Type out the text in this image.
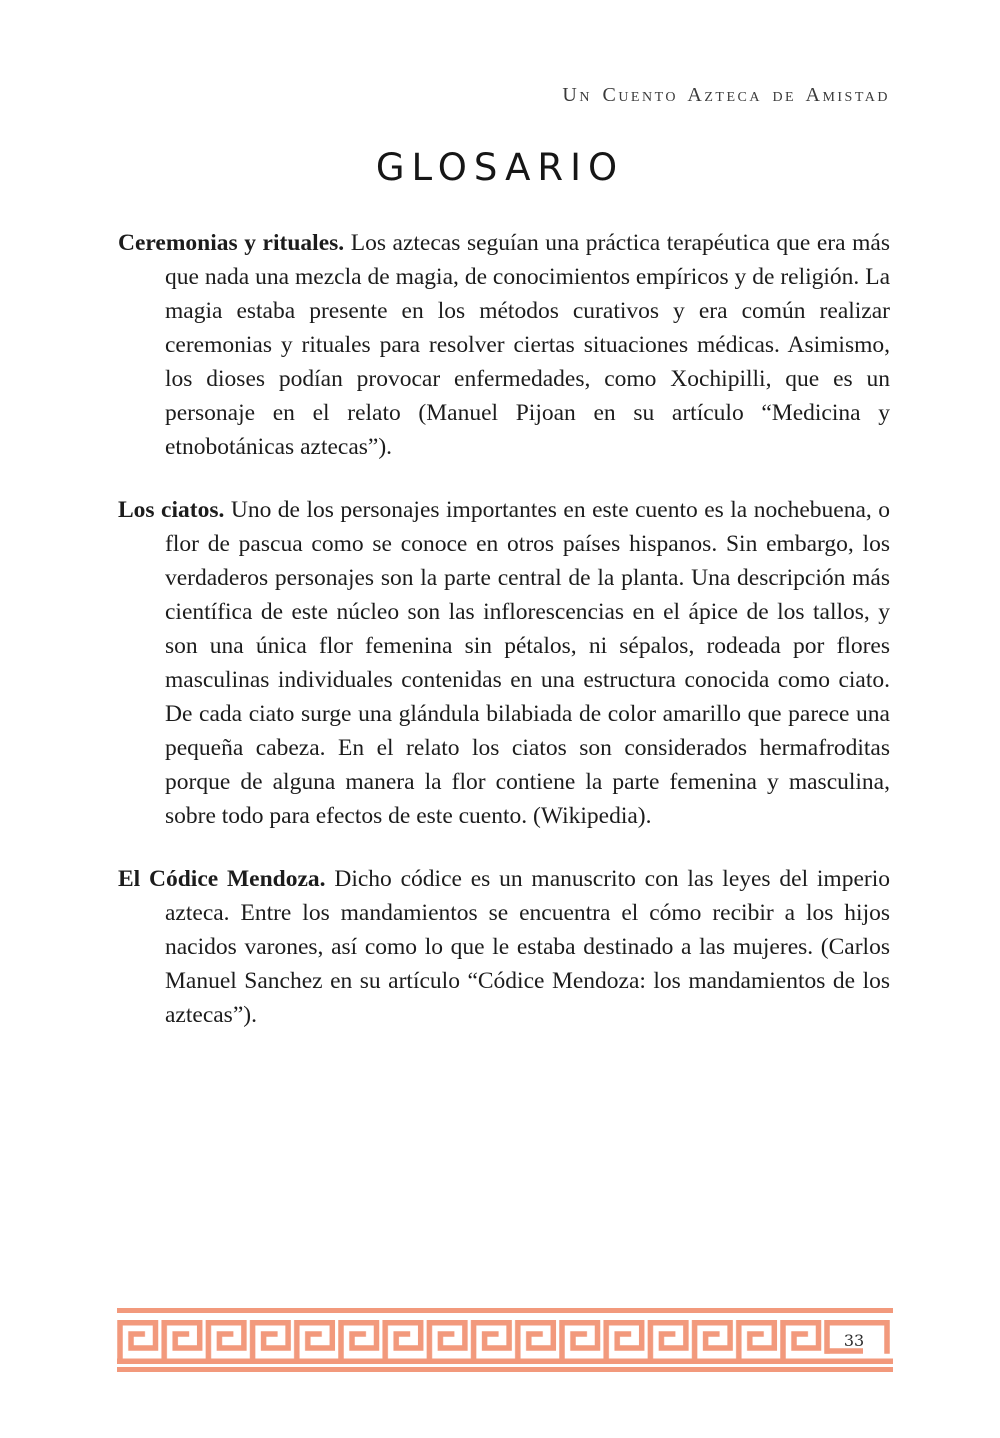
Un Cuento Azteca de Amistad
GLOSARIO

Ceremonias y rituales. Los aztecas seguían una práctica terapéutica que era más que nada una mezcla de magia, de conocimientos empíricos y de religión. La magia estaba presente en los métodos curativos y era común realizar ceremonias y rituales para resolver ciertas situaciones médicas. Asimismo, los dioses podían provocar enfermedades, como Xochipilli, que es un personaje en el relato (Manuel Pijoan en su artículo “Medicina y etnobotánicas aztecas”).

Los ciatos. Uno de los personajes importantes en este cuento es la nochebuena, o flor de pascua como se conoce en otros países hispanos. Sin embargo, los verdaderos personajes son la parte central de la planta. Una descripción más científica de este núcleo son las inflorescencias en el ápice de los tallos, y son una única flor femenina sin pétalos, ni sépalos, rodeada por flores masculinas individuales contenidas en una estructura conocida como ciato. De cada ciato surge una glándula bilabiada de color amarillo que parece una pequeña cabeza. En el relato los ciatos son considerados hermafroditas porque de alguna manera la flor contiene la parte femenina y masculina, sobre todo para efectos de este cuento. (Wikipedia).

El Códice Mendoza. Dicho códice es un manuscrito con las leyes del imperio azteca. Entre los mandamientos se encuentra el cómo recibir a los hijos nacidos varones, así como lo que le estaba destinado a las mujeres. (Carlos Manuel Sanchez en su artículo “Códice Mendoza: los mandamientos de los aztecas”).

33
